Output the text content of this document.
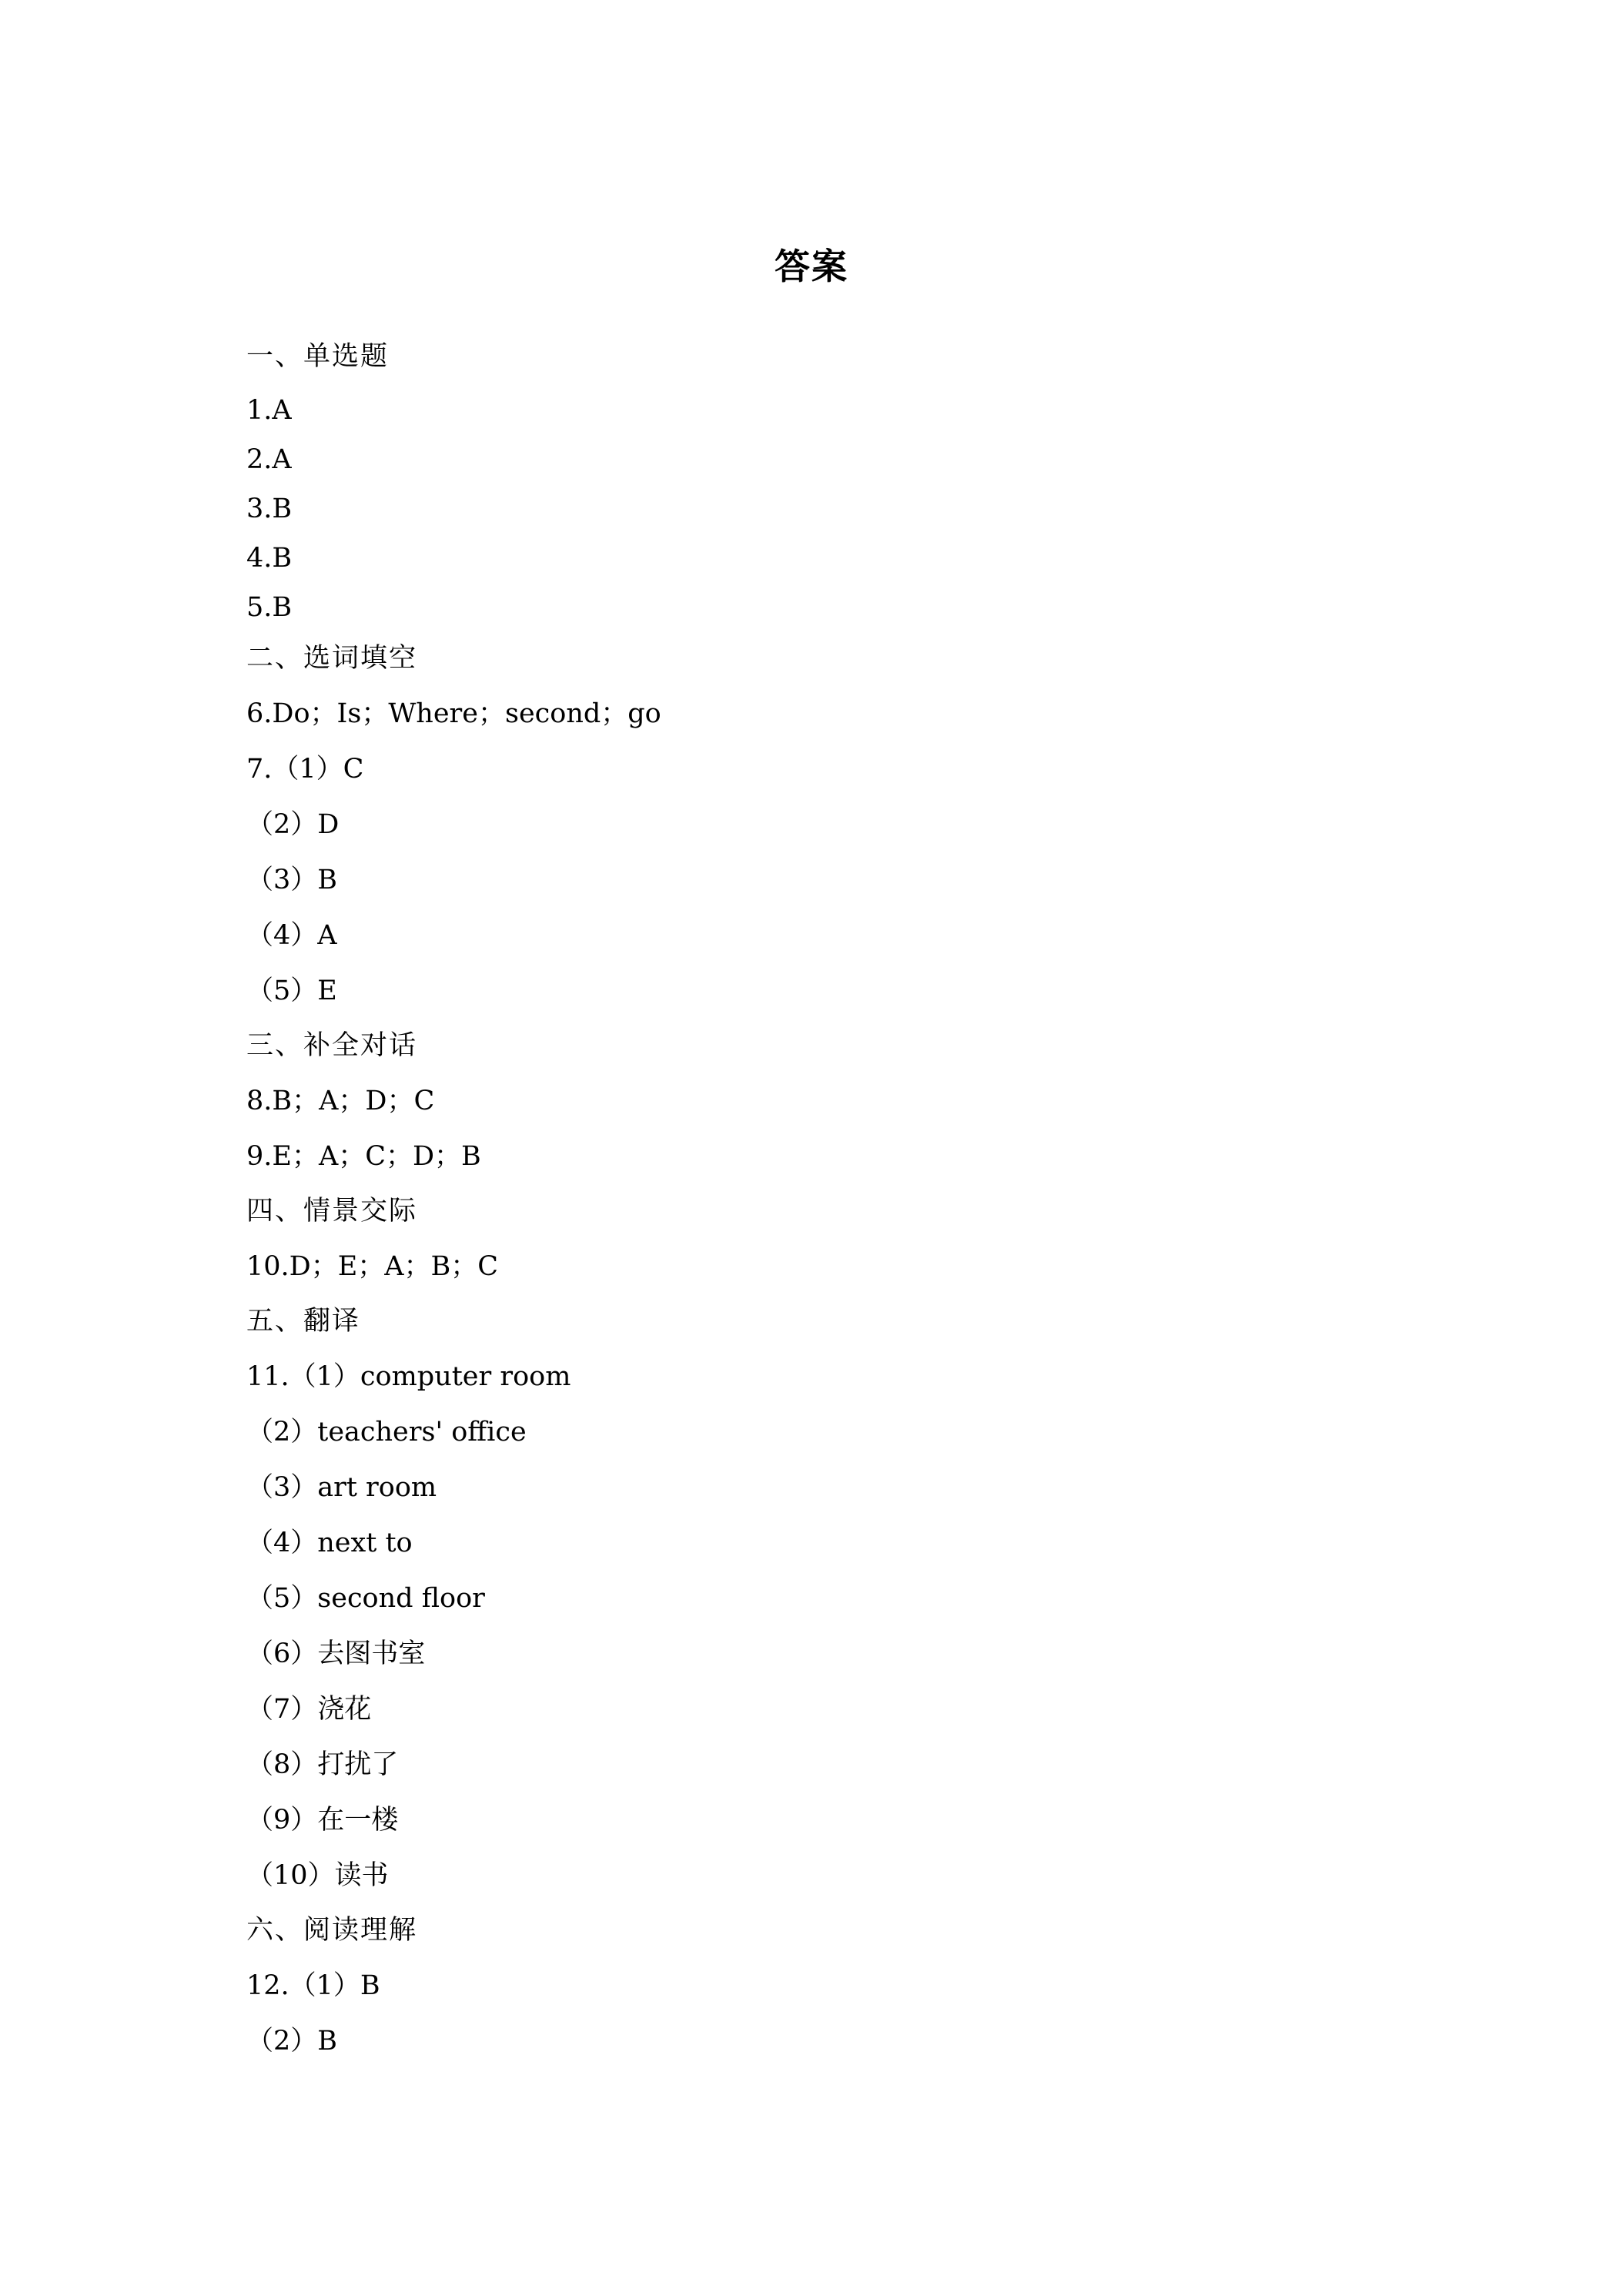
答案
一、单选题
1.A
2.A
3.B
4.B
5.B
二、选词填空
6.Do；Is；Where；second；go
7.（1）C
（2）D
（3）B
（4）A
（5）E
三、补全对话
8.B；A；D；C
9.E；A；C；D；B
四、情景交际
10.D；E；A；B；C
五、翻译
11.（1）computer room
（2）teachers' office
（3）art room
（4）next to
（5）second floor
（6）去图书室
（7）浇花
（8）打扰了
（9）在一楼
（10）读书
六、阅读理解
12.（1）B
（2）B
